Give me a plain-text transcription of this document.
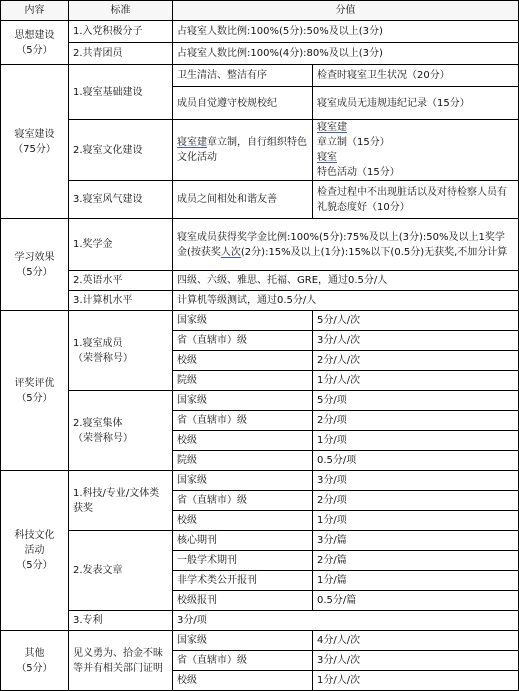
内容	标准	分值	

思想建设
（5分）	1.入党积极分子	占寝室人数比例:100%(5分):50%及以上(3分)	
	2.共青团员	占寝室人数比例:100%(4分):80%及以上(3分)	

寝室建设
（75分）	1.寝室基础建设	卫生清洁、整洁有序	检查时寝室卫生状况（20分）
		成员自觉遵守校规校纪	寝室成员无违规违纪记录（15分）
	2.寝室文化建设	寝室建章立制，自行组织特色文化活动	寝室建
章立制（15分）
寝室
特色活动（15分）

	3.寝室风气建设	成员之间相处和谐友善	检查过程中不出现脏话以及对待检察人员有礼貌态度好（10分）

学习效果
（5分）	1.奖学金	寝室成员获得奖学金比例:100%(5分):75%及以上(3分):50%及以上1奖学金(按获奖人次(2分):15%及以上(1分):15%以下(0.5分)无获奖,不加分计算	
	2.英语水平	四级、六级、雅思、托福、GRE，通过0.5分/人	
	3.计算机水平	计算机等级测试，通过0.5分/人	

评奖评优
（5分）	1.寝室成员
（荣誉称号）	国家级	5分/人/次
		省（直辖市）级	3分/人/次
		校级	2分/人/次
		院级	1分/人/次

	2.寝室集体
（荣誉称号）	国家级	5分/项
		省（直辖市）级	2分/项
		校级	1分/项
		院级	0.5分/项

科技文化
活动
（5分）	1.科技/专业/文体类获奖	国家级	3分/项
		省（直辖市）级	2分/项
		校级	1分/项
	2.发表文章	核心期刊	3分/篇
		一般学术期刊	2分/篇
		非学术类公开报刊	1分/篇
		校级报刊	0.5分/篇
	3.专利	3分/项	

其他
（5分）	见义勇为、拾金不昧等并有相关部门证明	国家级	4分/人/次
		省（直辖市）级	3分/人/次
		校级	1分/人/次
